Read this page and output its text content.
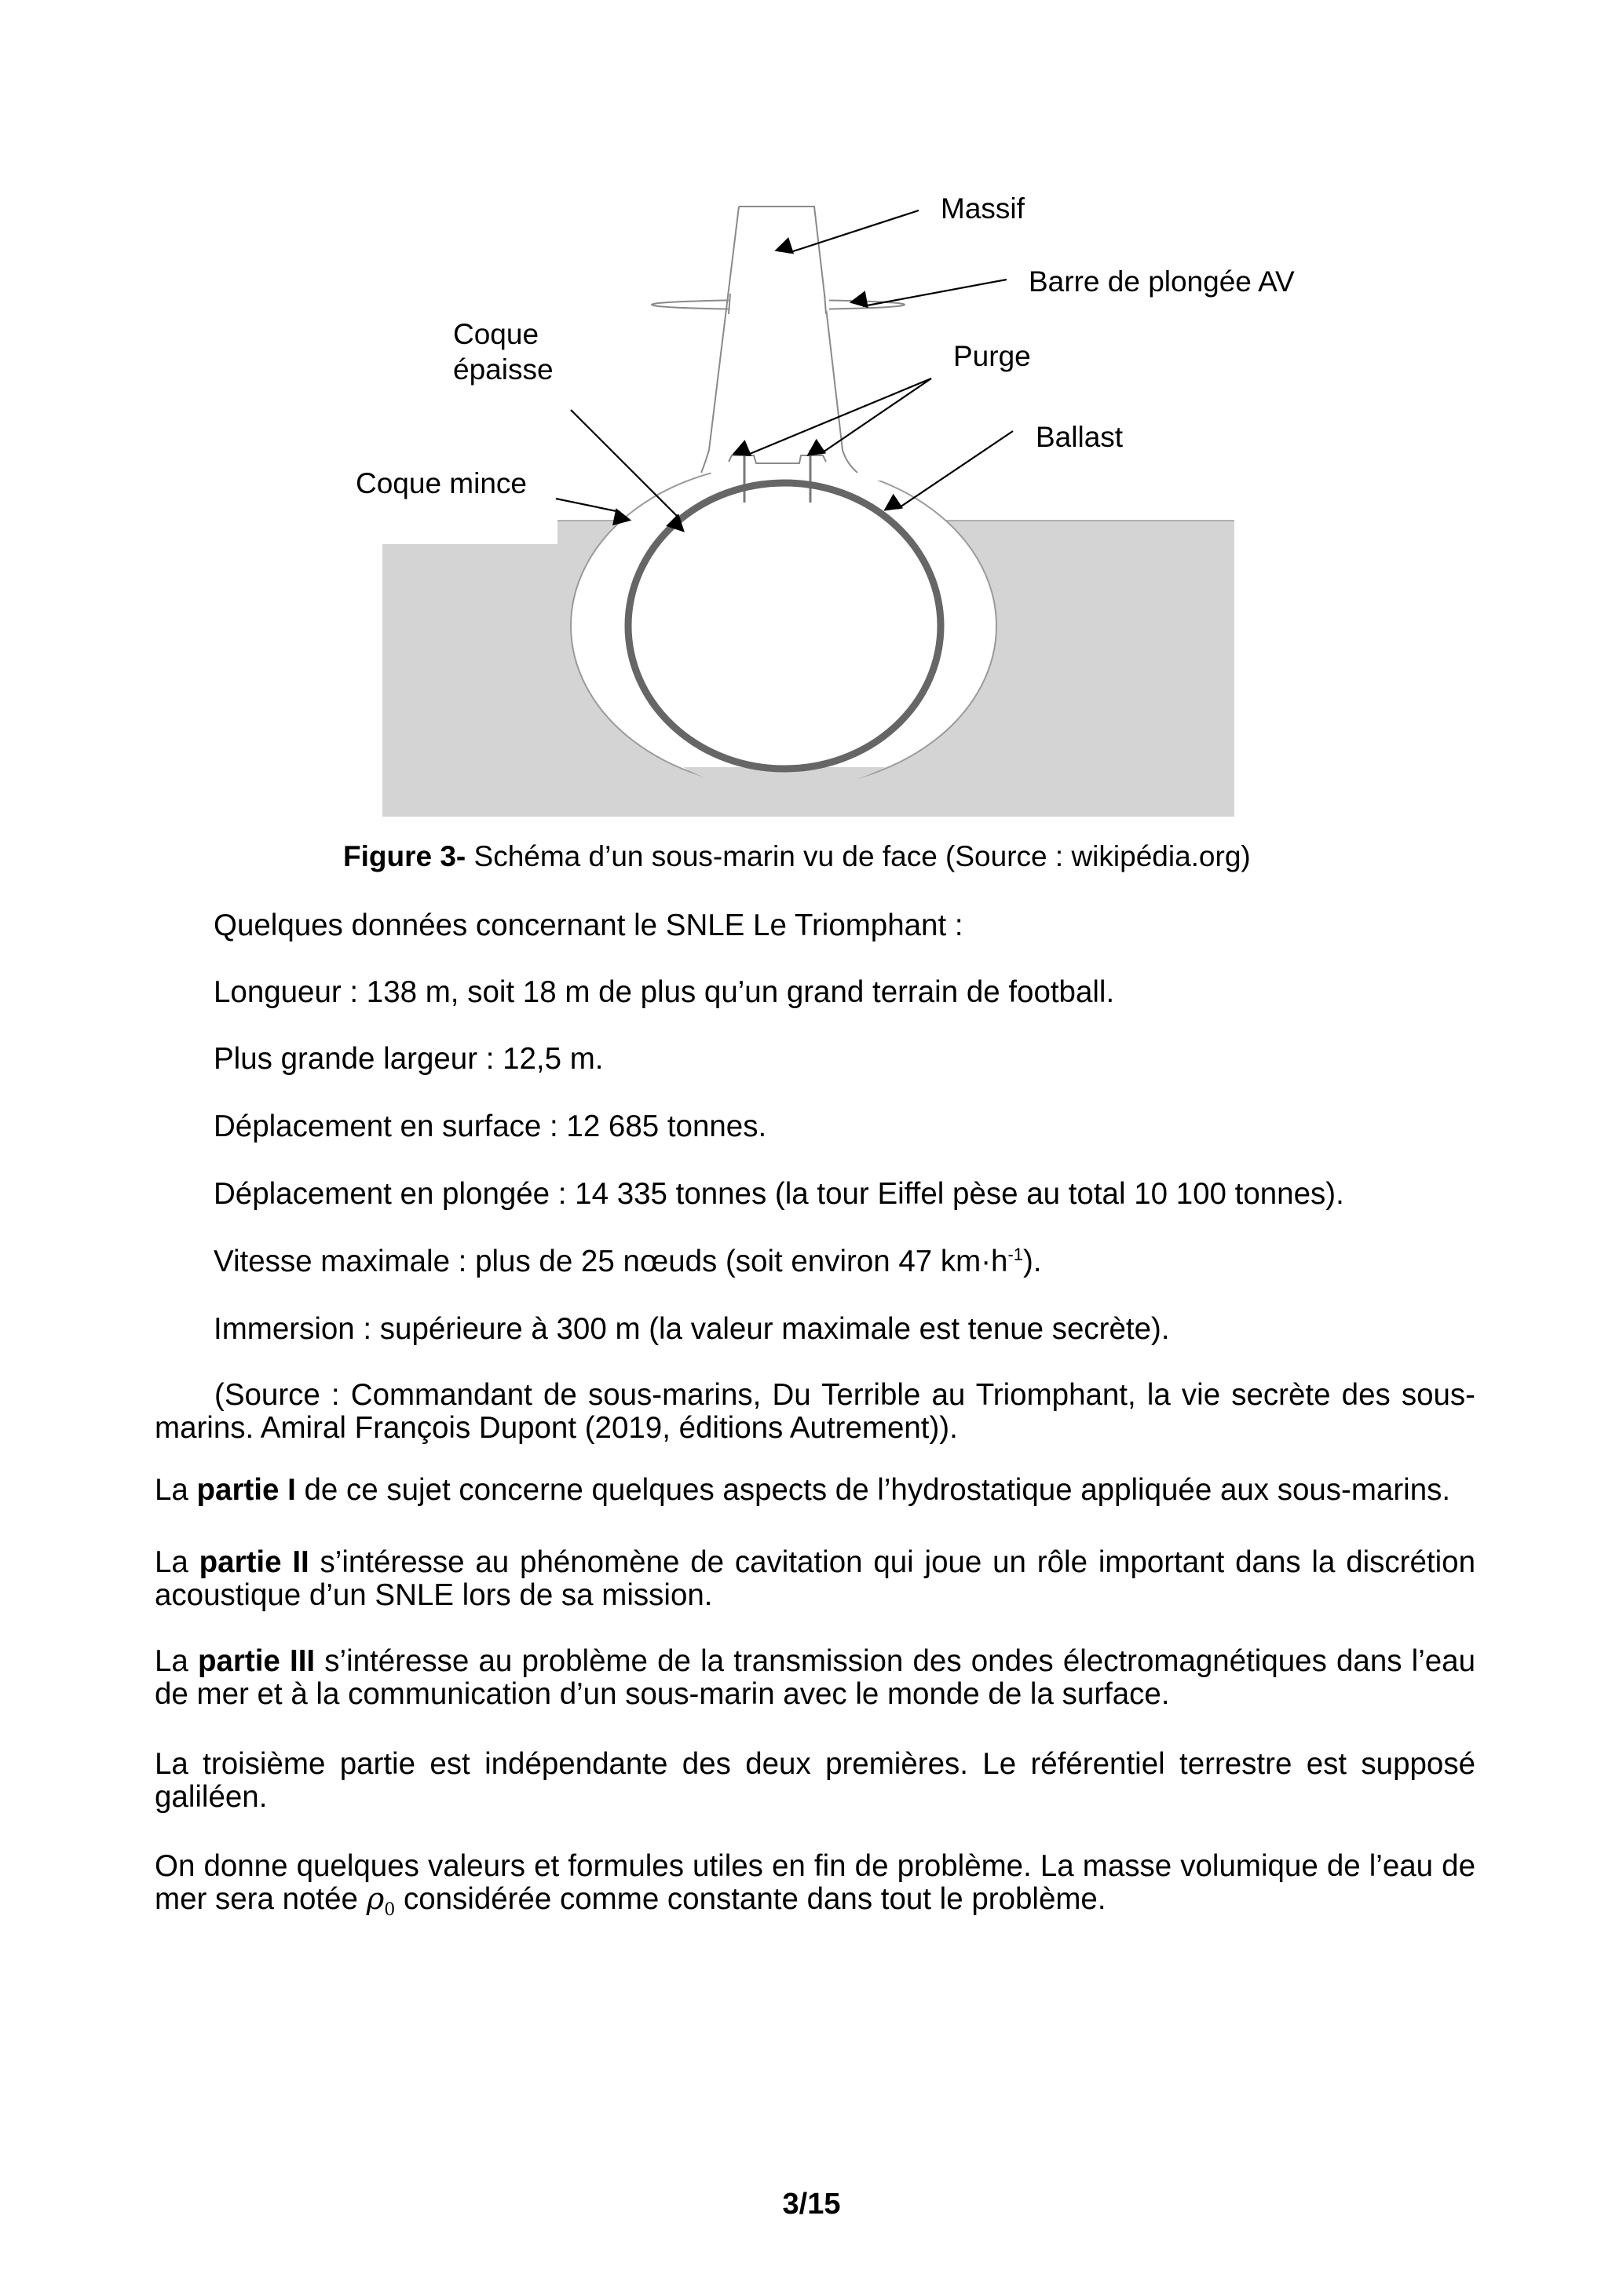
Massif
Barre de plongée AV
Coque
épaisse	Purge
Ballast
Coque mince
Figure 3- Schéma d’un sous-marin vu de face (Source : wikipédia.org)
Quelques données concernant le SNLE Le Triomphant :
Longueur : 138 m, soit 18 m de plus qu’un grand terrain de football.
Plus grande largeur : 12,5 m.
Déplacement en surface : 12 685 tonnes.
Déplacement en plongée : 14 335 tonnes (la tour Eiffel pèse au total 10 100 tonnes).
Vitesse maximale : plus de 25 nœuds (soit environ 47 $km\cdot h^{-1}$).
Immersion : supérieure à 300 m (la valeur maximale est tenue secrète).
(Source : Commandant de sous-marins, Du Terrible au Triomphant, la vie secrète des sous-marins. Amiral François Dupont (2019, éditions Autrement)).
La partie I de ce sujet concerne quelques aspects de l’hydrostatique appliquée aux sous-marins.
La partie II s’intéresse au phénomène de cavitation qui joue un rôle important dans la discrétion acoustique d’un SNLE lors de sa mission.
La partie III s’intéresse au problème de la transmission des ondes électromagnétiques dans l’eau de mer et à la communication d’un sous-marin avec le monde de la surface.
La troisième partie est indépendante des deux premières. Le référentiel terrestre est supposé galiléen.
On donne quelques valeurs et formules utiles en fin de problème. La masse volumique de l’eau de mer sera notée $\rho_0$ considérée comme constante dans tout le problème.
3/15
